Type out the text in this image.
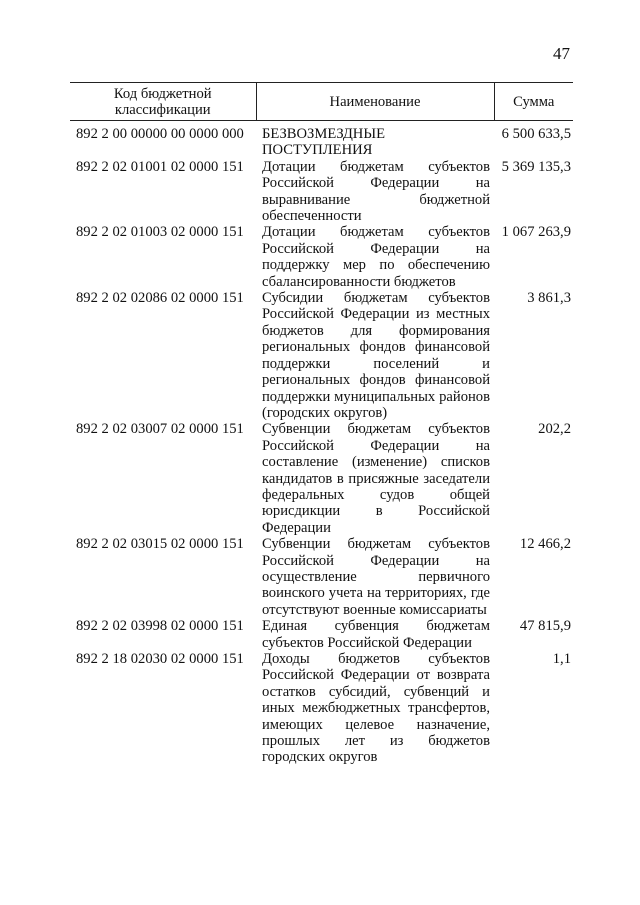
47
Код бюджетной классификации	Наименование	Сумма
892 2 00 00000 00 0000 000	БЕЗВОЗМЕЗДНЫЕ ПОСТУПЛЕНИЯ	6 500 633,5
892 2 02 01001 02 0000 151	Дотации бюджетам субъектов Российской Федерации на выравнивание бюджетной обеспеченности	5 369 135,3
892 2 02 01003 02 0000 151	Дотации бюджетам субъектов Российской Федерации на поддержку мер по обеспечению сбалансированности бюджетов	1 067 263,9
892 2 02 02086 02 0000 151	Субсидии бюджетам субъектов Российской Федерации из местных бюджетов для формирования региональных фондов финансовой поддержки поселений и региональных фондов финансовой поддержки муниципальных районов (городских округов)	3 861,3
892 2 02 03007 02 0000 151	Субвенции бюджетам субъектов Российской Федерации на составление (изменение) списков кандидатов в присяжные заседатели федеральных судов общей юрисдикции в Российской Федерации	202,2
892 2 02 03015 02 0000 151	Субвенции бюджетам субъектов Российской Федерации на осуществление первичного воинского учета на территориях, где отсутствуют военные комиссариаты	12 466,2
892 2 02 03998 02 0000 151	Единая субвенция бюджетам субъектов Российской Федерации	47 815,9
892 2 18 02030 02 0000 151	Доходы бюджетов субъектов Российской Федерации от возврата остатков субсидий, субвенций и иных межбюджетных трансфертов, имеющих целевое назначение, прошлых лет из бюджетов городских округов	1,1
